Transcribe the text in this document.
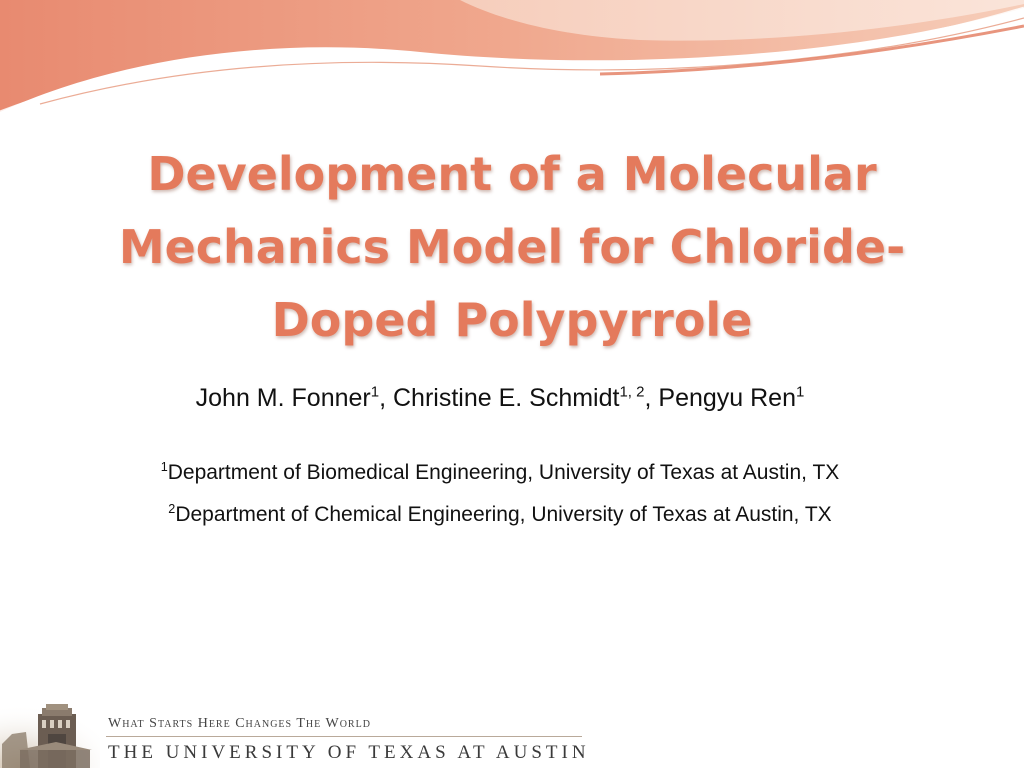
Development of a Molecular
Mechanics Model for Chloride-
Doped Polypyrrole
John M. Fonner$^1$, Christine E. Schmidt$^{1, 2}$, Pengyu Ren$^1$
$^1$Department of Biomedical Engineering, University of Texas at Austin, TX
$^2$Department of Chemical Engineering, University of Texas at Austin, TX
What Starts Here Changes The World
THE UNIVERSITY OF TEXAS AT AUSTIN
